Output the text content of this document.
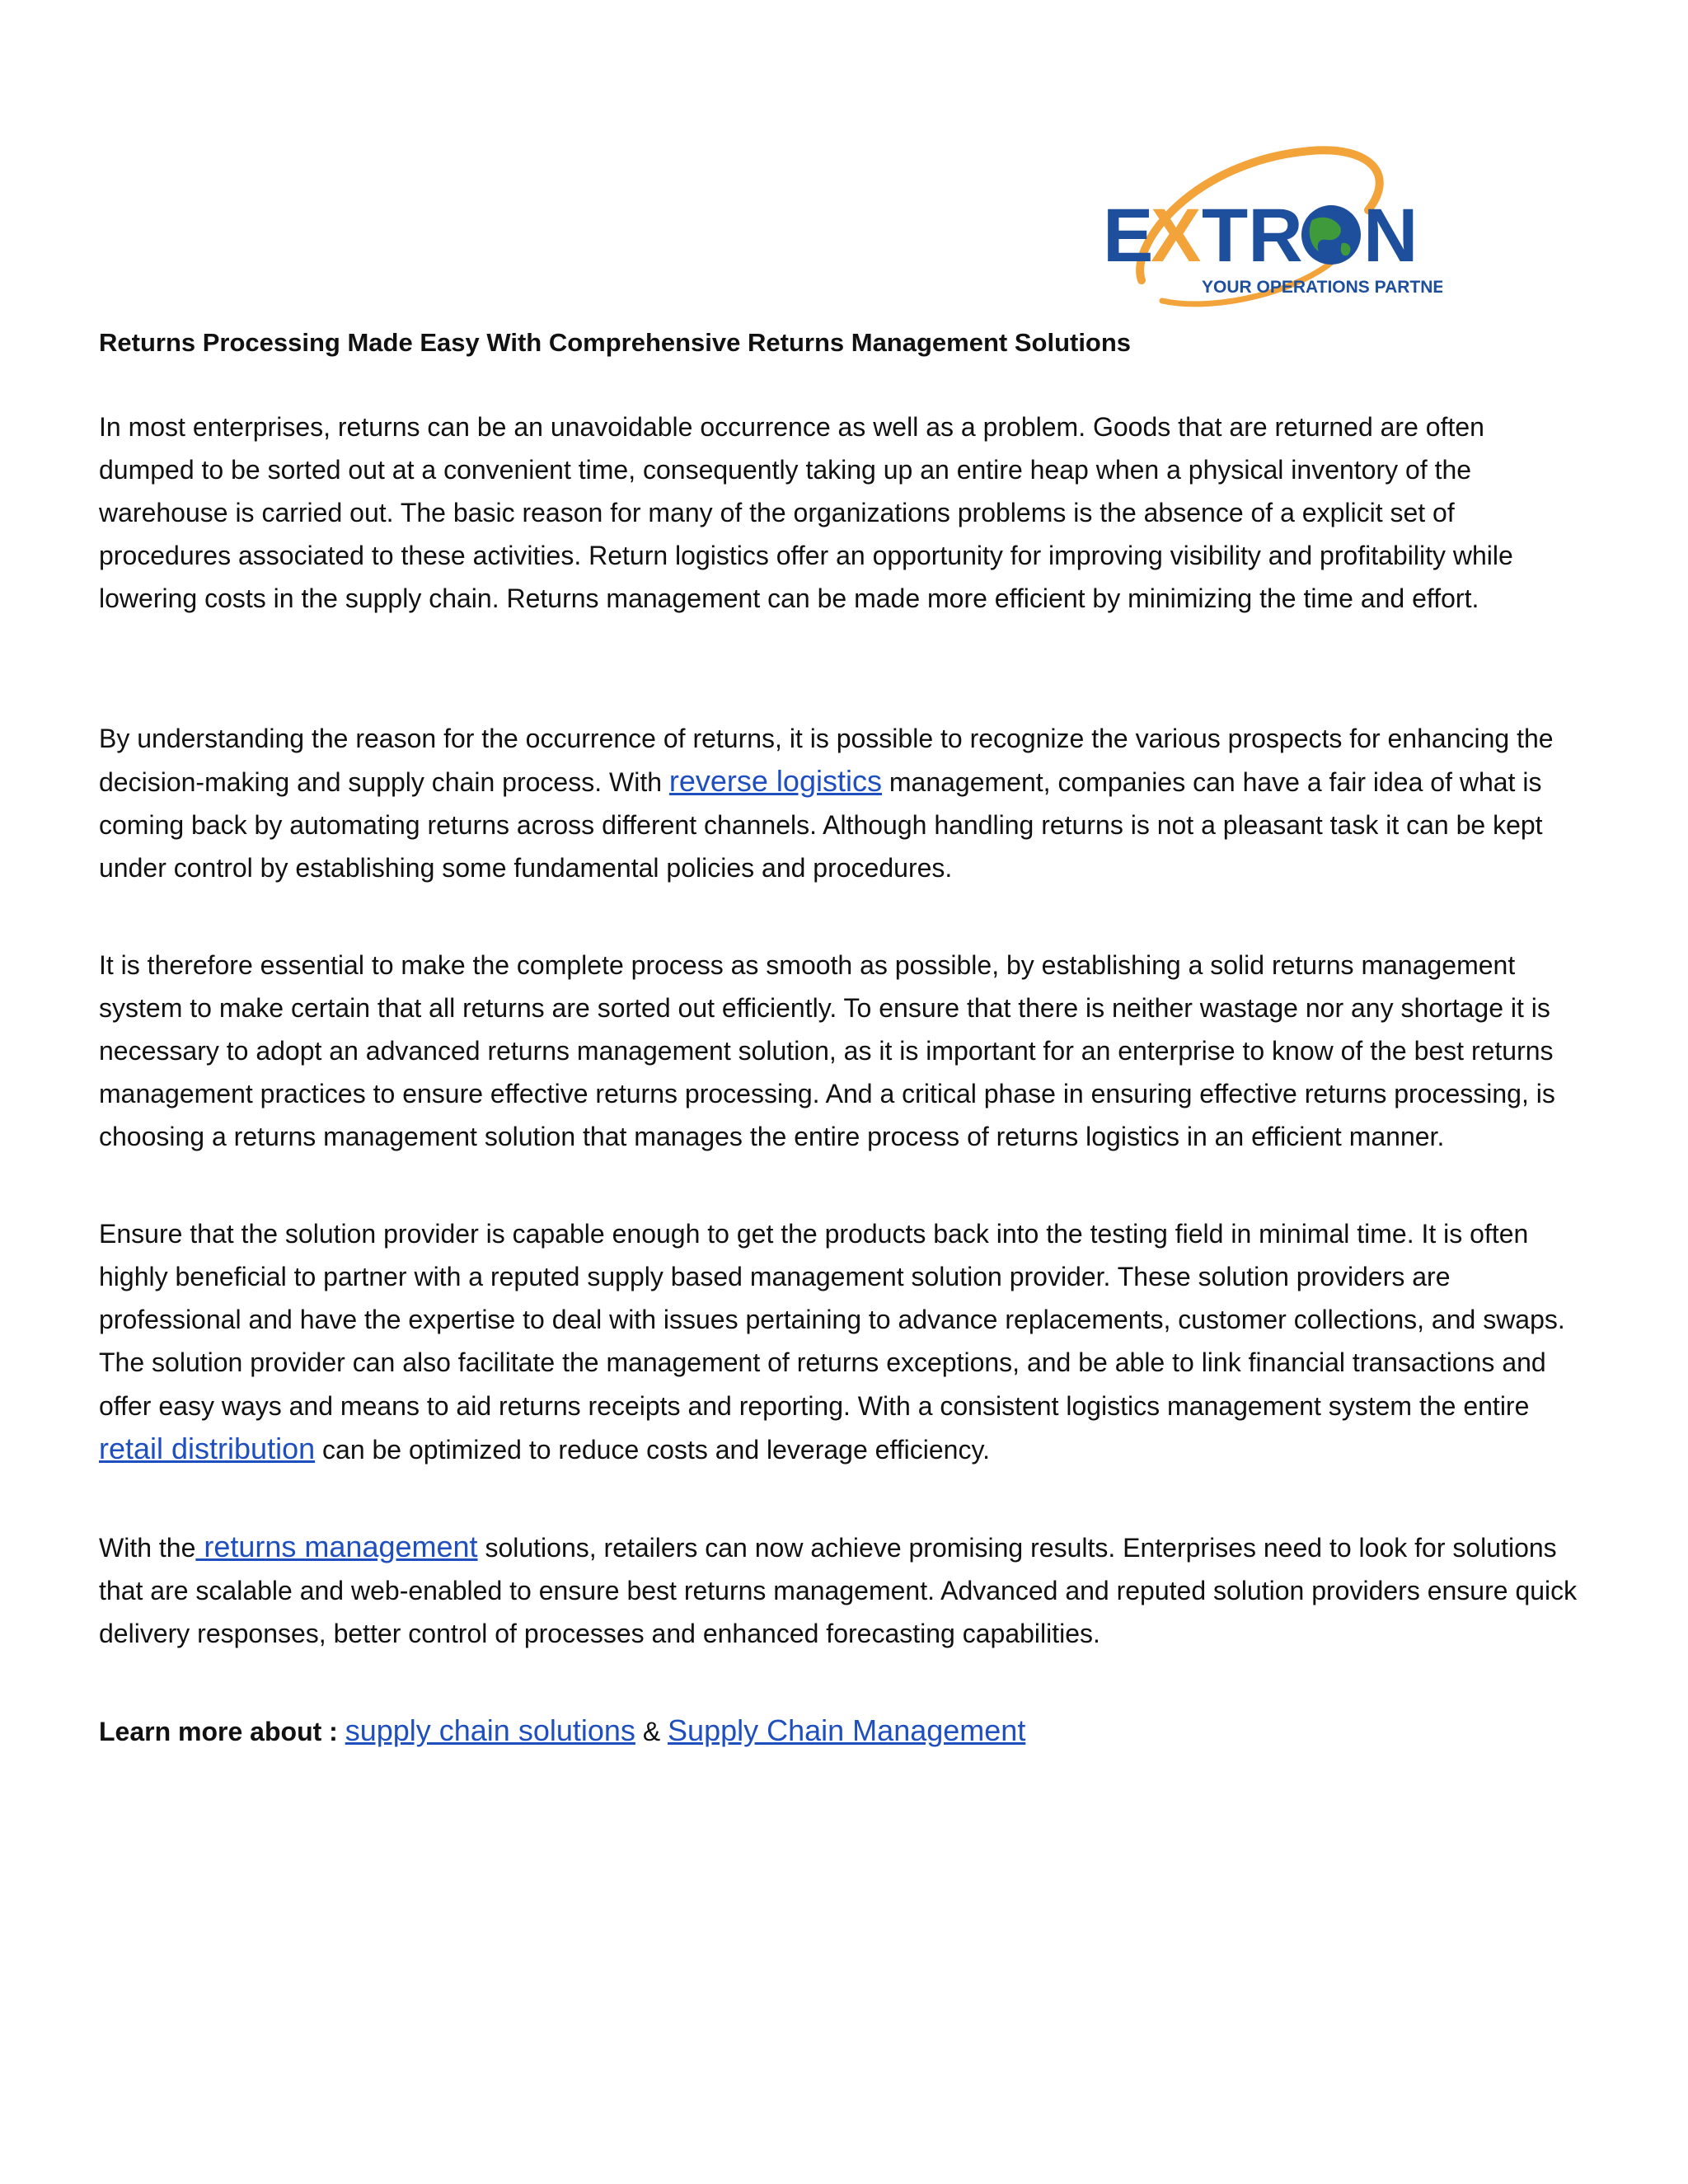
E
X TR N
YOUR OPERATIONS PARTNER

Returns Processing Made Easy With Comprehensive Returns Management Solutions

In most enterprises, returns can be an unavoidable occurrence as well as a problem. Goods that are returned are often dumped to be sorted out at a convenient time, consequently taking up an entire heap when a physical inventory of the warehouse is carried out. The basic reason for many of the organizations problems is the absence of a explicit set of procedures associated to these activities. Return logistics offer an opportunity for improving visibility and profitability while lowering costs in the supply chain. Returns management can be made more efficient by minimizing the time and effort.

By understanding the reason for the occurrence of returns, it is possible to recognize the various prospects for enhancing the decision-making and supply chain process. With reverse logistics management, companies can have a fair idea of what is coming back by automating returns across different channels. Although handling returns is not a pleasant task it can be kept under control by establishing some fundamental policies and procedures.

It is therefore essential to make the complete process as smooth as possible, by establishing a solid returns management system to make certain that all returns are sorted out efficiently. To ensure that there is neither wastage nor any shortage it is necessary to adopt an advanced returns management solution, as it is important for an enterprise to know of the best returns management practices to ensure effective returns processing. And a critical phase in ensuring effective returns processing, is choosing a returns management solution that manages the entire process of returns logistics in an efficient manner.

Ensure that the solution provider is capable enough to get the products back into the testing field in minimal time. It is often highly beneficial to partner with a reputed supply based management solution provider. These solution providers are professional and have the expertise to deal with issues pertaining to advance replacements, customer collections, and swaps. The solution provider can also facilitate the management of returns exceptions, and be able to link financial transactions and offer easy ways and means to aid returns receipts and reporting. With a consistent logistics management system the entire retail distribution can be optimized to reduce costs and leverage efficiency.

With the returns management solutions, retailers can now achieve promising results. Enterprises need to look for solutions that are scalable and web-enabled to ensure best returns management. Advanced and reputed solution providers ensure quick delivery responses, better control of processes and enhanced forecasting capabilities.

Learn more about : supply chain solutions & Supply Chain Management
